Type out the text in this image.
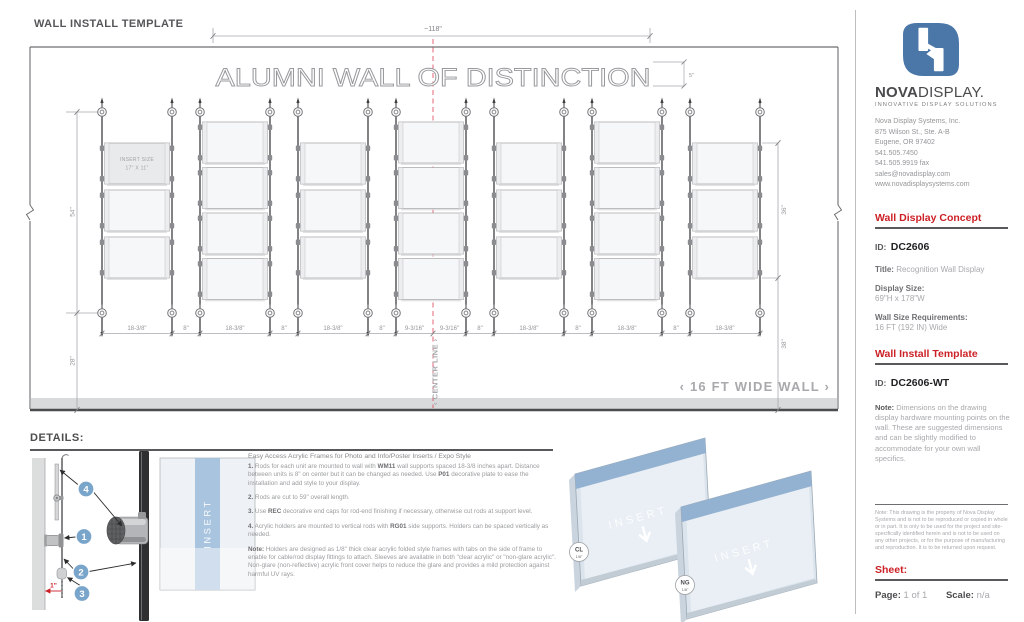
WALL INSTALL TEMPLATE	~118"
ALUMNI WALL OF DISTINCTION	5"
54"
28"
36"
38"
INSERT SIZE
17" X 11"
18-3/8"	8"	18-3/8"	8"	18-3/8"	8"	9-3/16"	9-3/16"	8"	18-3/8"	8"	18-3/8"	8"	18-3/8"
‹ CENTER LINE ›	‹ 16 FT WIDE WALL ›
DETAILS:
INSERT
1"
1
2
3
4
Easy Access Acrylic Frames for Photo and Info/Poster Inserts / Expo Style

1. Rods for each unit are mounted to wall with WM11 wall supports spaced 18-3/8 inches apart. Distance between units is 8" on center but it can be changed as needed. Use P01 decorative plate to ease the installation and add style to your display.

2. Rods are cut to 59" overall length.

3. Use REC decorative end caps for rod-end finishing if necessary, otherwise cut rods at support level.

4. Acrylic holders are mounted to vertical rods with RG01 side supports. Holders can be spaced vertically as needed.

Note: Holders are designed as 1/8" thick clear acrylic folded style frames with tabs on the side of frame to enable for cable/rod display fittings to attach. Sleeves are available in both "clear acrylic" or "non-glare acrylic". Non-glare (non-reflective) acrylic front cover helps to reduce the glare and provides a mild protection against harmful UV rays.

INSERT
CL
1/8"	INSERT
NG
1/8"
NOVADISPLAY.
INNOVATIVE DISPLAY SOLUTIONS
Nova Display Systems, Inc.
875 Wilson St., Ste. A-B
Eugene, OR 97402
541.505.7450
541.505.9919 fax
sales@novadisplay.com
www.novadisplaysystems.com
Wall Display Concept
ID: DC2606
Title: Recognition Wall Display
Display Size:
69"H x 178"W
Wall Size Requirements:
16 FT (192 IN) Wide
Wall Install Template
ID: DC2606-WT
Note: Dimensions on the drawing display hardware mounting points on the wall. These are suggested dimensions and can be slightly modified to accommodate for your own wall specifics.
Note: This drawing is the property of Nova Display Systems and is not to be reproduced or copied in whole or in part. It is only to be used for the project and site-specifically identified herein and is not to be used on any other projects, or for the purpose of manufacturing and reproduction. It is to be returned upon request.
Sheet:
Page: 1 of 1 Scale: n/a
